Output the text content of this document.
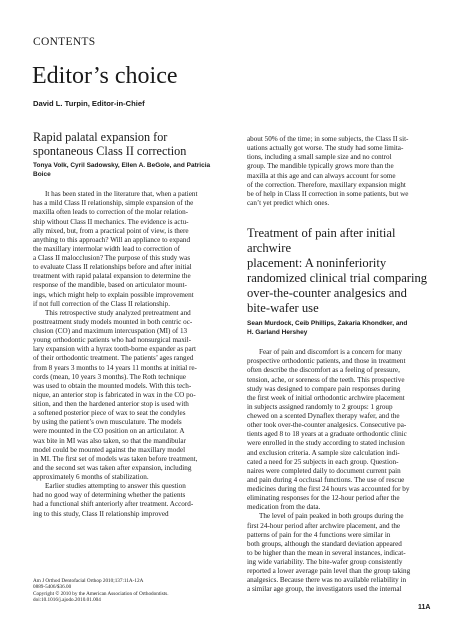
CONTENTS
Editor’s choice
David L. Turpin, Editor-in-Chief
Rapid palatal expansion for
spontaneous Class II correction

Tonya Volk, Cyril Sadowsky, Ellen A. BeGole, and Patricia
Boice

It has been stated in the literature that, when a patient
has a mild Class II relationship, simple expansion of the
maxilla often leads to correction of the molar relation-
ship without Class II mechanics. The evidence is actu-
ally mixed, but, from a practical point of view, is there
anything to this approach? Will an appliance to expand
the maxillary intermolar width lead to correction of
a Class II malocclusion? The purpose of this study was
to evaluate Class II relationships before and after initial
treatment with rapid palatal expansion to determine the
response of the mandible, based on articulator mount-
ings, which might help to explain possible improvement
if not full correction of the Class II relationship.

This retrospective study analyzed pretreatment and
posttreatment study models mounted in both centric oc-
clusion (CO) and maximum intercuspation (MI) of 13
young orthodontic patients who had nonsurgical maxil-
lary expansion with a hyrax tooth-borne expander as part
of their orthodontic treatment. The patients’ ages ranged
from 8 years 3 months to 14 years 11 months at initial re-
cords (mean, 10 years 3 months). The Roth technique
was used to obtain the mounted models. With this tech-
nique, an anterior stop is fabricated in wax in the CO po-
sition, and then the hardened anterior stop is used with
a softened posterior piece of wax to seat the condyles
by using the patient’s own musculature. The models
were mounted in the CO position on an articulator. A
wax bite in MI was also taken, so that the mandibular
model could be mounted against the maxillary model
in MI. The first set of models was taken before treatment,
and the second set was taken after expansion, including
approximately 6 months of stabilization.

Earlier studies attempting to answer this question
had no good way of determining whether the patients
had a functional shift anteriorly after treatment. Accord-
ing to this study, Class II relationship improved

about 50% of the time; in some subjects, the Class II sit-
uations actually got worse. The study had some limita-
tions, including a small sample size and no control
group. The mandible typically grows more than the
maxilla at this age and can always account for some
of the correction. Therefore, maxillary expansion might
be of help in Class II correction in some patients, but we
can’t yet predict which ones.

Treatment of pain after initial archwire
placement: A noninferiority
randomized clinical trial comparing
over-the-counter analgesics and
bite-wafer use

Sean Murdock, Ceib Phillips, Zakaria Khondker, and
H. Garland Hershey

Fear of pain and discomfort is a concern for many
prospective orthodontic patients, and those in treatment
often describe the discomfort as a feeling of pressure,
tension, ache, or soreness of the teeth. This prospective
study was designed to compare pain responses during
the first week of initial orthodontic archwire placement
in subjects assigned randomly to 2 groups: 1 group
chewed on a scented Dynaflex therapy wafer, and the
other took over-the-counter analgesics. Consecutive pa-
tients aged 8 to 18 years at a graduate orthodontic clinic
were enrolled in the study according to stated inclusion
and exclusion criteria. A sample size calculation indi-
cated a need for 25 subjects in each group. Question-
naires were completed daily to document current pain
and pain during 4 occlusal functions. The use of rescue
medicines during the first 24 hours was accounted for by
eliminating responses for the 12-hour period after the
medication from the data.

The level of pain peaked in both groups during the
first 24-hour period after archwire placement, and the
patterns of pain for the 4 functions were similar in
both groups, although the standard deviation appeared
to be higher than the mean in several instances, indicat-
ing wide variability. The bite-wafer group consistently
reported a lower average pain level than the group taking
analgesics. Because there was no available reliability in
a similar age group, the investigators used the internal

Am J Orthod Dentofacial Orthop 2010;137:11A-12A
0889-5406/$36.00
Copyright © 2010 by the American Association of Orthodontists.
doi:10.1016/j.ajodo.2010.01.004
11A
